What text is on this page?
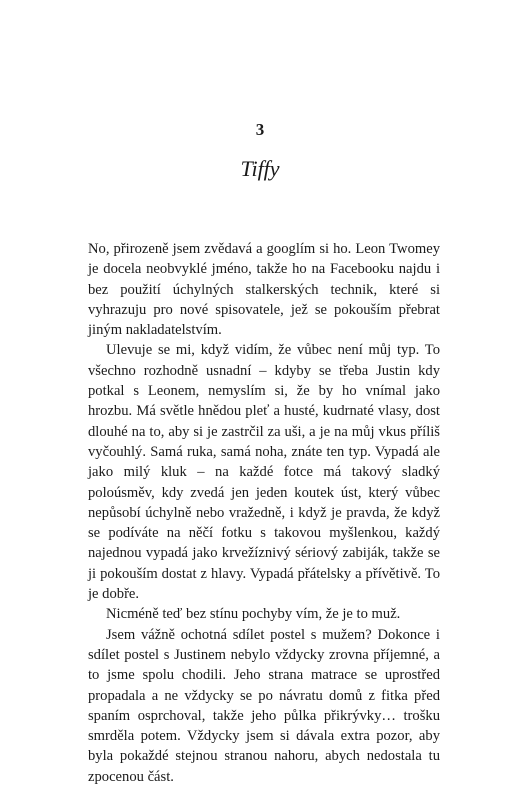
3
Tiffy

No, přirozeně jsem zvědavá a googlím si ho. Leon Twomey je docela neobvyklé jméno, takže ho na Facebooku najdu i bez použití úchylných stalkerských technik, které si vyhrazuju pro nové spisovatele, jež se pokouším přebrat jiným nakladatelstvím.

Ulevuje se mi, když vidím, že vůbec není můj typ. To všechno rozhodně usnadní – kdyby se třeba Justin kdy potkal s Leonem, nemyslím si, že by ho vnímal jako hrozbu. Má světle hnědou pleť a husté, kudrnaté vlasy, dost dlouhé na to, aby si je zastrčil za uši, a je na můj vkus příliš vyčouhlý. Samá ruka, samá noha, znáte ten typ. Vypadá ale jako milý kluk – na každé fotce má takový sladký poloúsměv, kdy zvedá jen jeden koutek úst, který vůbec nepůsobí úchylně nebo vražedně, i když je pravda, že když se podíváte na něčí fotku s takovou myšlenkou, každý najednou vypadá jako krvežíznivý sériový zabiják, takže se ji pokouším dostat z hlavy. Vypadá přátelsky a přívětivě. To je dobře.

Nicméně teď bez stínu pochyby vím, že je to muž.

Jsem vážně ochotná sdílet postel s mužem? Dokonce i sdílet postel s Justinem nebylo vždycky zrovna příjemné, a to jsme spolu chodili. Jeho strana matrace se uprostřed propadala a ne vždycky se po návratu domů z fitka před spaním osprchoval, takže jeho půlka přikrývky… trošku smrděla potem. Vždycky jsem si dávala extra pozor, aby byla pokaždé stejnou stranou nahoru, abych nedostala tu zpocenou část.
